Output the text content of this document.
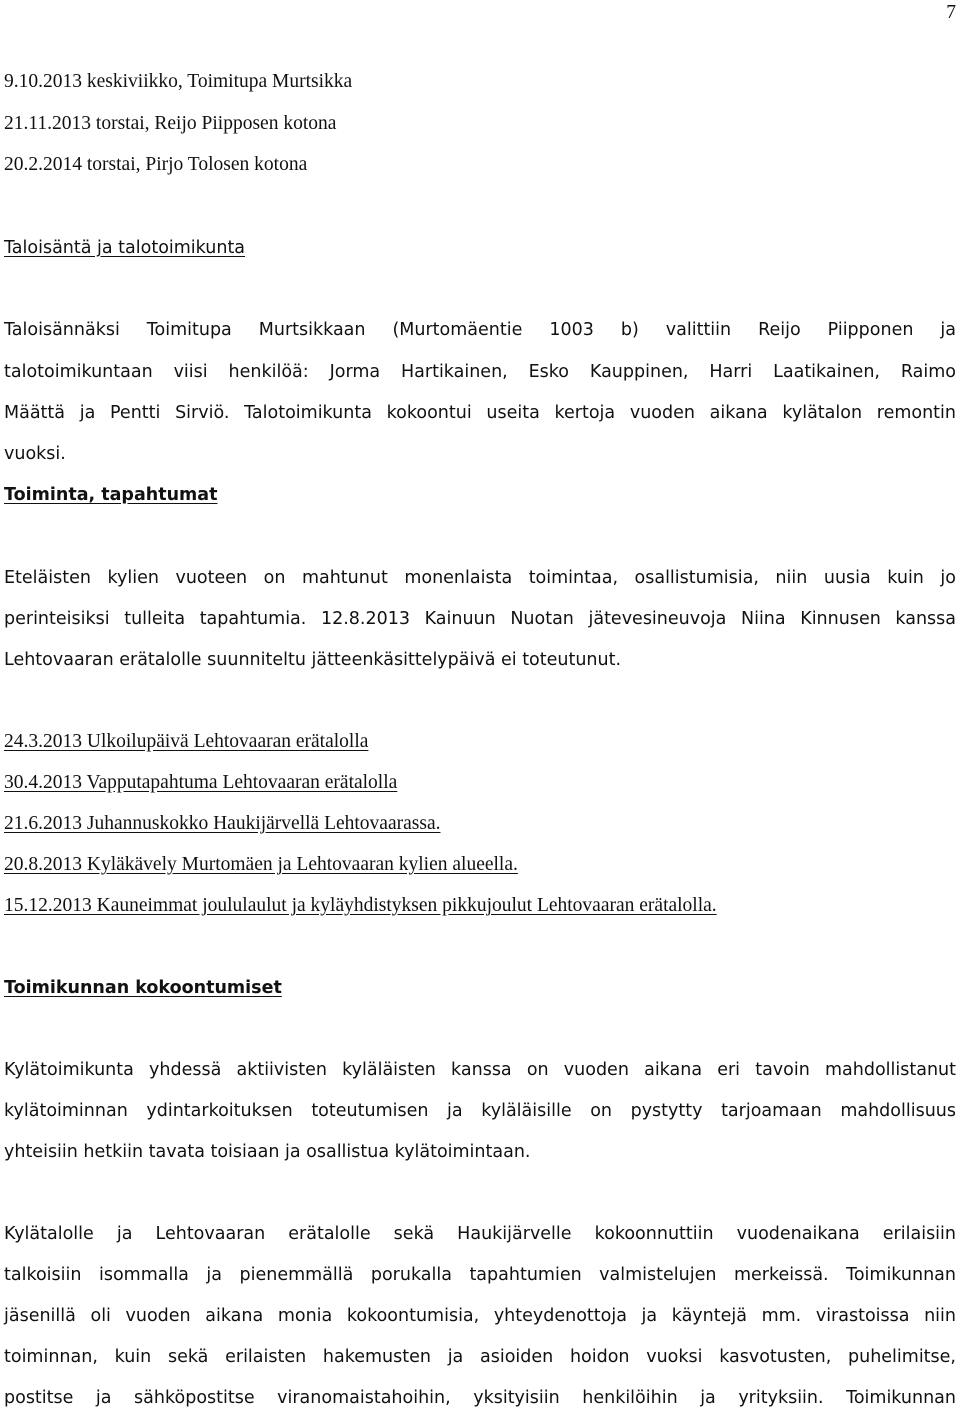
7
9.10.2013 keskiviikko, Toimitupa Murtsikka
21.11.2013 torstai, Reijo Piipposen kotona
20.2.2014 torstai, Pirjo Tolosen kotona
Taloisäntä ja talotoimikunta
Taloisännäksi Toimitupa Murtsikkaan (Murtomäentie 1003 b) valittiin Reijo Piipponen ja
talotoimikuntaan viisi henkilöä: Jorma Hartikainen, Esko Kauppinen, Harri Laatikainen, Raimo
Määttä ja Pentti Sirviö. Talotoimikunta kokoontui useita kertoja vuoden aikana kylätalon remontin
vuoksi.
Toiminta, tapahtumat
Eteläisten kylien vuoteen on mahtunut monenlaista toimintaa, osallistumisia, niin uusia kuin jo
perinteisiksi tulleita tapahtumia. 12.8.2013 Kainuun Nuotan jätevesineuvoja Niina Kinnusen kanssa
Lehtovaaran erätalolle suunniteltu jätteenkäsittelypäivä ei toteutunut.
24.3.2013 Ulkoilupäivä Lehtovaaran erätalolla
30.4.2013 Vapputapahtuma Lehtovaaran erätalolla
21.6.2013 Juhannuskokko Haukijärvellä Lehtovaarassa.
20.8.2013 Kyläkävely Murtomäen ja Lehtovaaran kylien alueella.
15.12.2013 Kauneimmat joululaulut ja kyläyhdistyksen pikkujoulut Lehtovaaran erätalolla.
Toimikunnan kokoontumiset
Kylätoimikunta yhdessä aktiivisten kyläläisten kanssa on vuoden aikana eri tavoin mahdollistanut
kylätoiminnan ydintarkoituksen toteutumisen ja kyläläisille on pystytty tarjoamaan mahdollisuus
yhteisiin hetkiin tavata toisiaan ja osallistua kylätoimintaan.
Kylätalolle ja Lehtovaaran erätalolle sekä Haukijärvelle kokoonnuttiin vuodenaikana erilaisiin
talkoisiin isommalla ja pienemmällä porukalla tapahtumien valmistelujen merkeissä. Toimikunnan
jäsenillä oli vuoden aikana monia kokoontumisia, yhteydenottoja ja käyntejä mm. virastoissa niin
toiminnan, kuin sekä erilaisten hakemusten ja asioiden hoidon vuoksi kasvotusten, puhelimitse,
postitse ja sähköpostitse viranomaistahoihin, yksityisiin henkilöihin ja yrityksiin. Toimikunnan
